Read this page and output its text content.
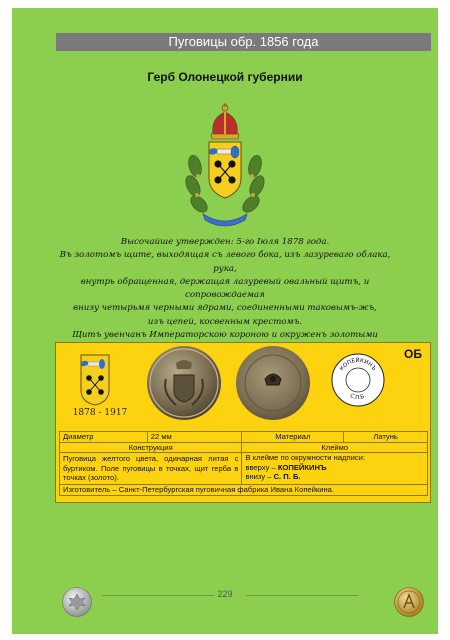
Пуговицы обр. 1856 года
Герб Олонецкой губернии

Высочайше утвержден: 5-го Іюля 1878 года.

Въ золотомъ щите, выходящая съ левого бока, изъ лазуреваго облака, рука,

внутрь обращенная, держащая лазуревый овальный щитъ, и сопровождаемая

внизу четырьмя черными ядрами, соединенными таковымъ-жъ,

изъ цепей, косвенным крестомъ.

Щитъ увенчанъ Императорскою короною и окруженъ золотыми

1878 - 1917
КОПЕЙКИНЪ
С.П.Б.
ОБ
Диаметр	22 мм	Материал	Латунь
Конструкция		Клеймо	
Пуговица желтого цвета, одинарная литая с буртиком. Поле пуговицы в точках, щит герба в точках (золото).		В клейме по окружности надписи:
вверху – КОПЕЙКИНЪ
внизу – С. П. Б.	

Изготовитель – Санкт-Петербургская пуговичная фабрика Ивана Копейкина.			
229
